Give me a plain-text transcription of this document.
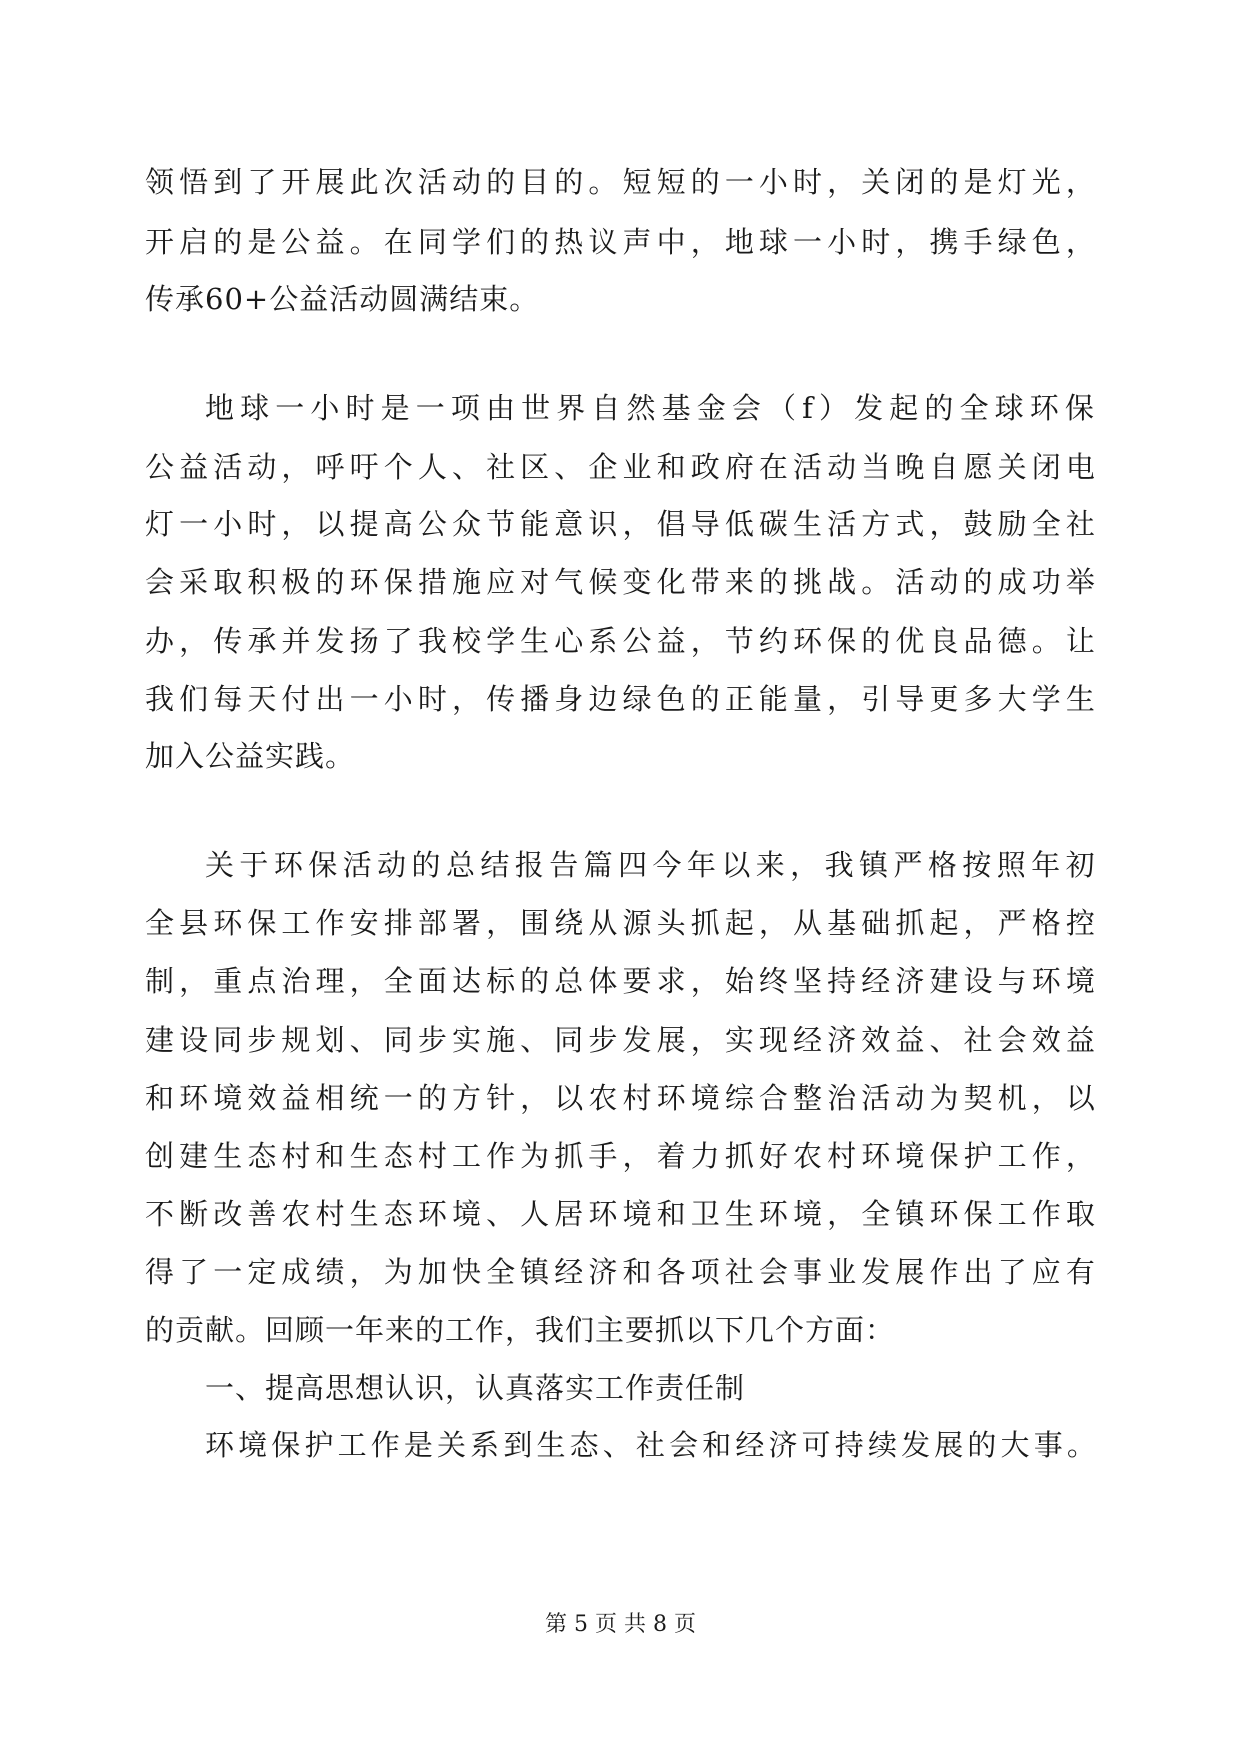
领悟到了开展此次活动的目的。短短的一小时，关闭的是灯光，
开启的是公益。在同学们的热议声中，地球一小时，携手绿色，
传承60+公益活动圆满结束。
地球一小时是一项由世界自然基金会（f）发起的全球环保
公益活动，呼吁个人、社区、企业和政府在活动当晚自愿关闭电
灯一小时，以提高公众节能意识，倡导低碳生活方式，鼓励全社
会采取积极的环保措施应对气候变化带来的挑战。活动的成功举
办，传承并发扬了我校学生心系公益，节约环保的优良品德。让
我们每天付出一小时，传播身边绿色的正能量，引导更多大学生
加入公益实践。
关于环保活动的总结报告篇四今年以来，我镇严格按照年初
全县环保工作安排部署，围绕从源头抓起，从基础抓起，严格控
制，重点治理，全面达标的总体要求，始终坚持经济建设与环境
建设同步规划、同步实施、同步发展，实现经济效益、社会效益
和环境效益相统一的方针，以农村环境综合整治活动为契机，以
创建生态村和生态村工作为抓手，着力抓好农村环境保护工作，
不断改善农村生态环境、人居环境和卫生环境，全镇环保工作取
得了一定成绩，为加快全镇经济和各项社会事业发展作出了应有
的贡献。回顾一年来的工作，我们主要抓以下几个方面：
一、提高思想认识，认真落实工作责任制
环境保护工作是关系到生态、社会和经济可持续发展的大事。
第 5 页 共 8 页
